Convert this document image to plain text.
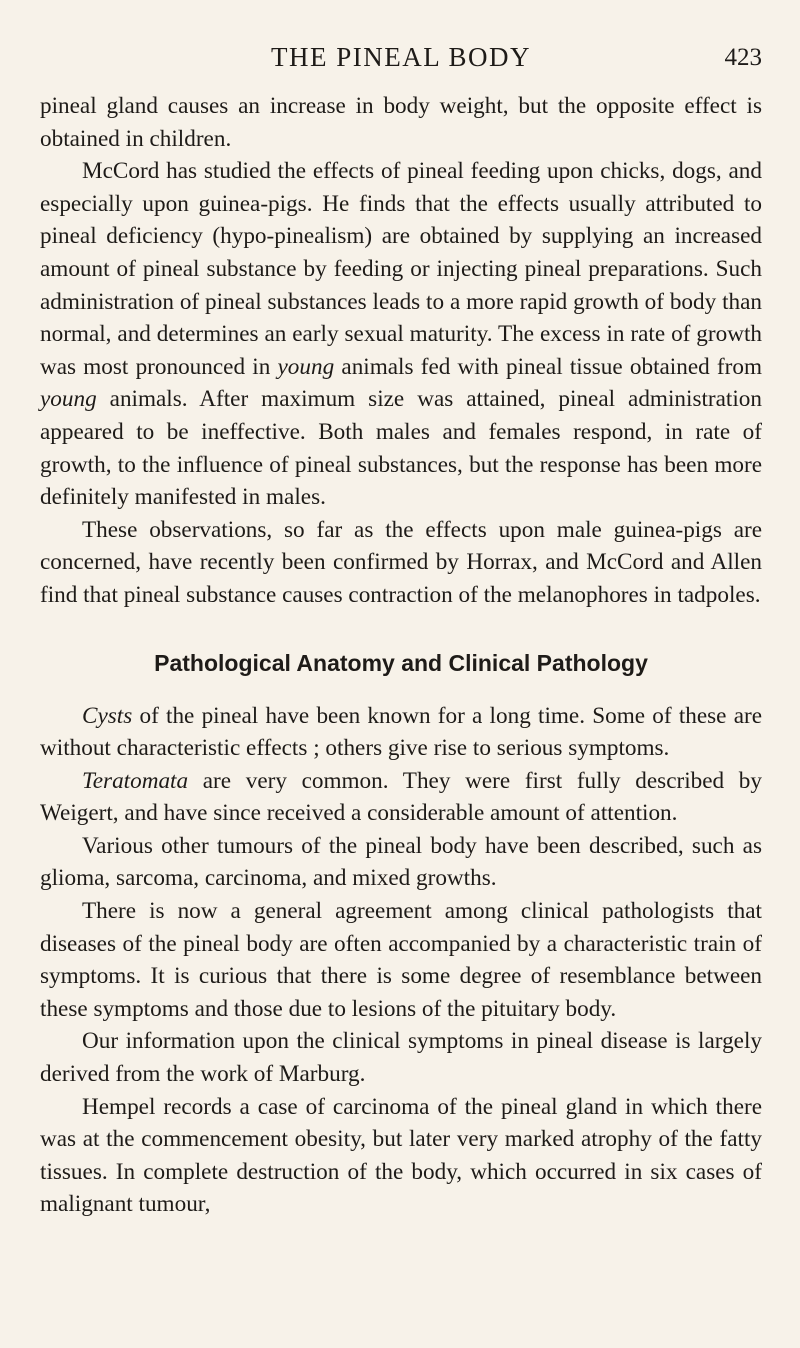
THE PINEAL BODY	423

pineal gland causes an increase in body weight, but the opposite effect is obtained in children.

McCord has studied the effects of pineal feeding upon chicks, dogs, and especially upon guinea-pigs. He finds that the effects usually attributed to pineal deficiency (hypo-pinealism) are obtained by supplying an increased amount of pineal substance by feeding or injecting pineal preparations. Such administration of pineal substances leads to a more rapid growth of body than normal, and determines an early sexual maturity. The excess in rate of growth was most pronounced in young animals fed with pineal tissue obtained from young animals. After maximum size was attained, pineal administration appeared to be ineffective. Both males and females respond, in rate of growth, to the influence of pineal substances, but the response has been more definitely manifested in males.

These observations, so far as the effects upon male guinea-pigs are concerned, have recently been confirmed by Horrax, and McCord and Allen find that pineal substance causes contraction of the melanophores in tadpoles.

Pathological Anatomy and Clinical Pathology

Cysts of the pineal have been known for a long time. Some of these are without characteristic effects ; others give rise to serious symptoms.

Teratomata are very common. They were first fully described by Weigert, and have since received a considerable amount of attention.

Various other tumours of the pineal body have been described, such as glioma, sarcoma, carcinoma, and mixed growths.

There is now a general agreement among clinical pathologists that diseases of the pineal body are often accompanied by a characteristic train of symptoms. It is curious that there is some degree of resemblance between these symptoms and those due to lesions of the pituitary body.

Our information upon the clinical symptoms in pineal disease is largely derived from the work of Marburg.

Hempel records a case of carcinoma of the pineal gland in which there was at the commencement obesity, but later very marked atrophy of the fatty tissues. In complete destruction of the body, which occurred in six cases of malignant tumour,
